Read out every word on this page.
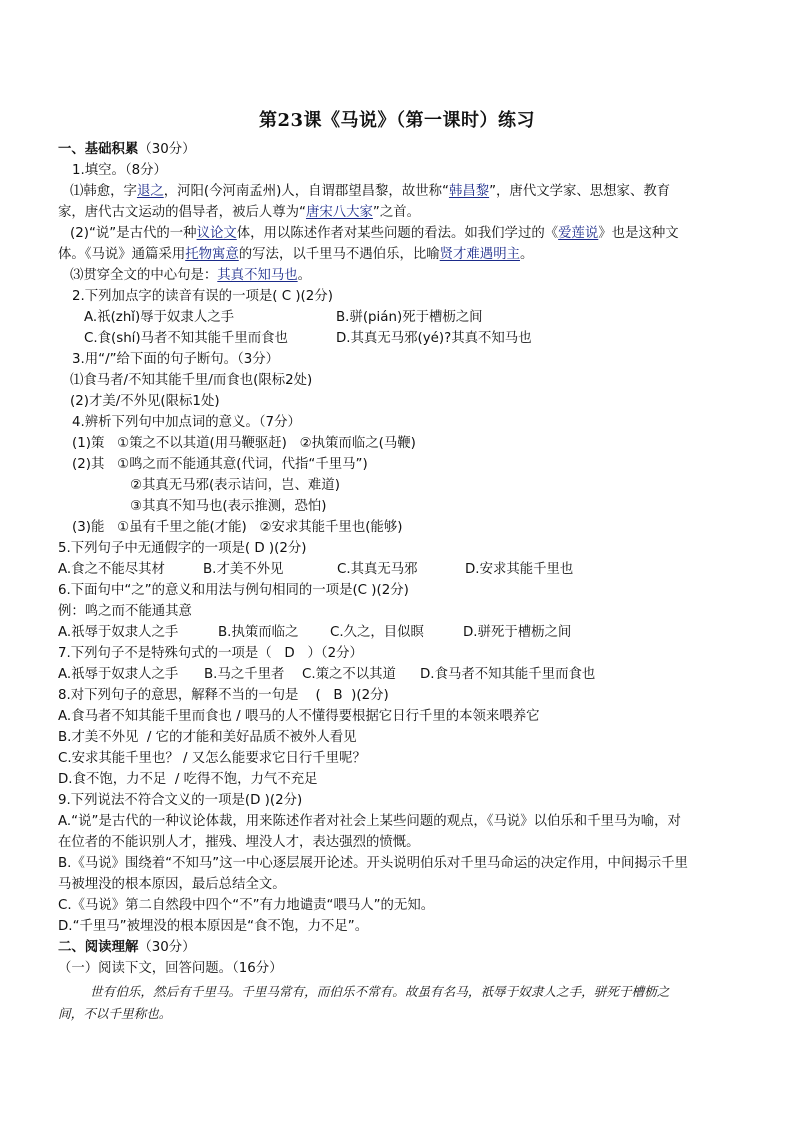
第23课《马说》（第一课时）练习
一、基础积累（30分）
1.填空。（8分）
⑴韩愈，字退之，河阳(今河南孟州)人，自谓郡望昌黎，故世称“韩昌黎”，唐代文学家、思想家、教育
家，唐代古文运动的倡导者，被后人尊为“唐宋八大家”之首。
(2)“说”是古代的一种议论文体，用以陈述作者对某些问题的看法。如我们学过的《爱莲说》也是这种文
体。《马说》通篇采用托物寓意的写法，以千里马不遇伯乐，比喻贤才难遇明主。
⑶贯穿全文的中心句是：其真不知马也。
2.下列加点字的读音有误的一项是( C )(2分)
A.祇(zhǐ)辱于奴隶人之手	B.骈(pián)死于槽枥之间
C.食(shí)马者不知其能千里而食也	D.其真无马邪(yé)?其真不知马也
3.用“/”给下面的句子断句。（3分）
⑴食马者/不知其能千里/而食也(限标2处)
(2)才美/不外见(限标1处)
4.辨析下列句中加点词的意义。（7分）
(1)策   ①策之不以其道(用马鞭驱赶)   ②执策而临之(马鞭)
(2)其   ①鸣之而不能通其意(代词，代指“千里马”)
②其真无马邪(表示诘问，岂、难道)
③其真不知马也(表示推测，恐怕)
(3)能   ①虽有千里之能(才能)   ②安求其能千里也(能够)
5.下列句子中无通假字的一项是( D )(2分)
A.食之不能尽其材	B.才美不外见	C.其真无马邪	D.安求其能千里也
6.下面句中“之”的意义和用法与例句相同的一项是(C )(2分)
例：鸣之而不能通其意
A.祇辱于奴隶人之手	B.执策而临之 C.久之，目似瞑	D.骈死于槽枥之间
7.下列句子不是特殊句式的一项是（   D   ）（2分）
A.祇辱于奴隶人之手 B.马之千里者 C.策之不以其道 D.食马者不知其能千里而食也
8.对下列句子的意思，解释不当的一句是    (   B  )(2分)
A.食马者不知其能千里而食也 / 喂马的人不懂得要根据它日行千里的本领来喂养它
B.才美不外见  / 它的才能和美好品质不被外人看见
C.安求其能千里也？ / 又怎么能要求它日行千里呢？
D.食不饱，力不足  / 吃得不饱，力气不充足
9.下列说法不符合文义的一项是(D )(2分)
A.“说”是古代的一种议论体裁，用来陈述作者对社会上某些问题的观点，《马说》以伯乐和千里马为喻，对
在位者的不能识别人才，摧残、埋没人才，表达强烈的愤慨。
B.《马说》围绕着“不知马”这一中心逐层展开论述。开头说明伯乐对千里马命运的决定作用，中间揭示千里
马被埋没的根本原因，最后总结全文。
C.《马说》第二自然段中四个“不”有力地谴责“喂马人”的无知。
D.“千里马”被埋没的根本原因是“食不饱，力不足”。
二、阅读理解（30分）
（一）阅读下文，回答问题。（16分）
世有伯乐，然后有千里马。千里马常有，而伯乐不常有。故虽有名马，祇辱于奴隶人之手，骈死于槽枥之
间，不以千里称也。
